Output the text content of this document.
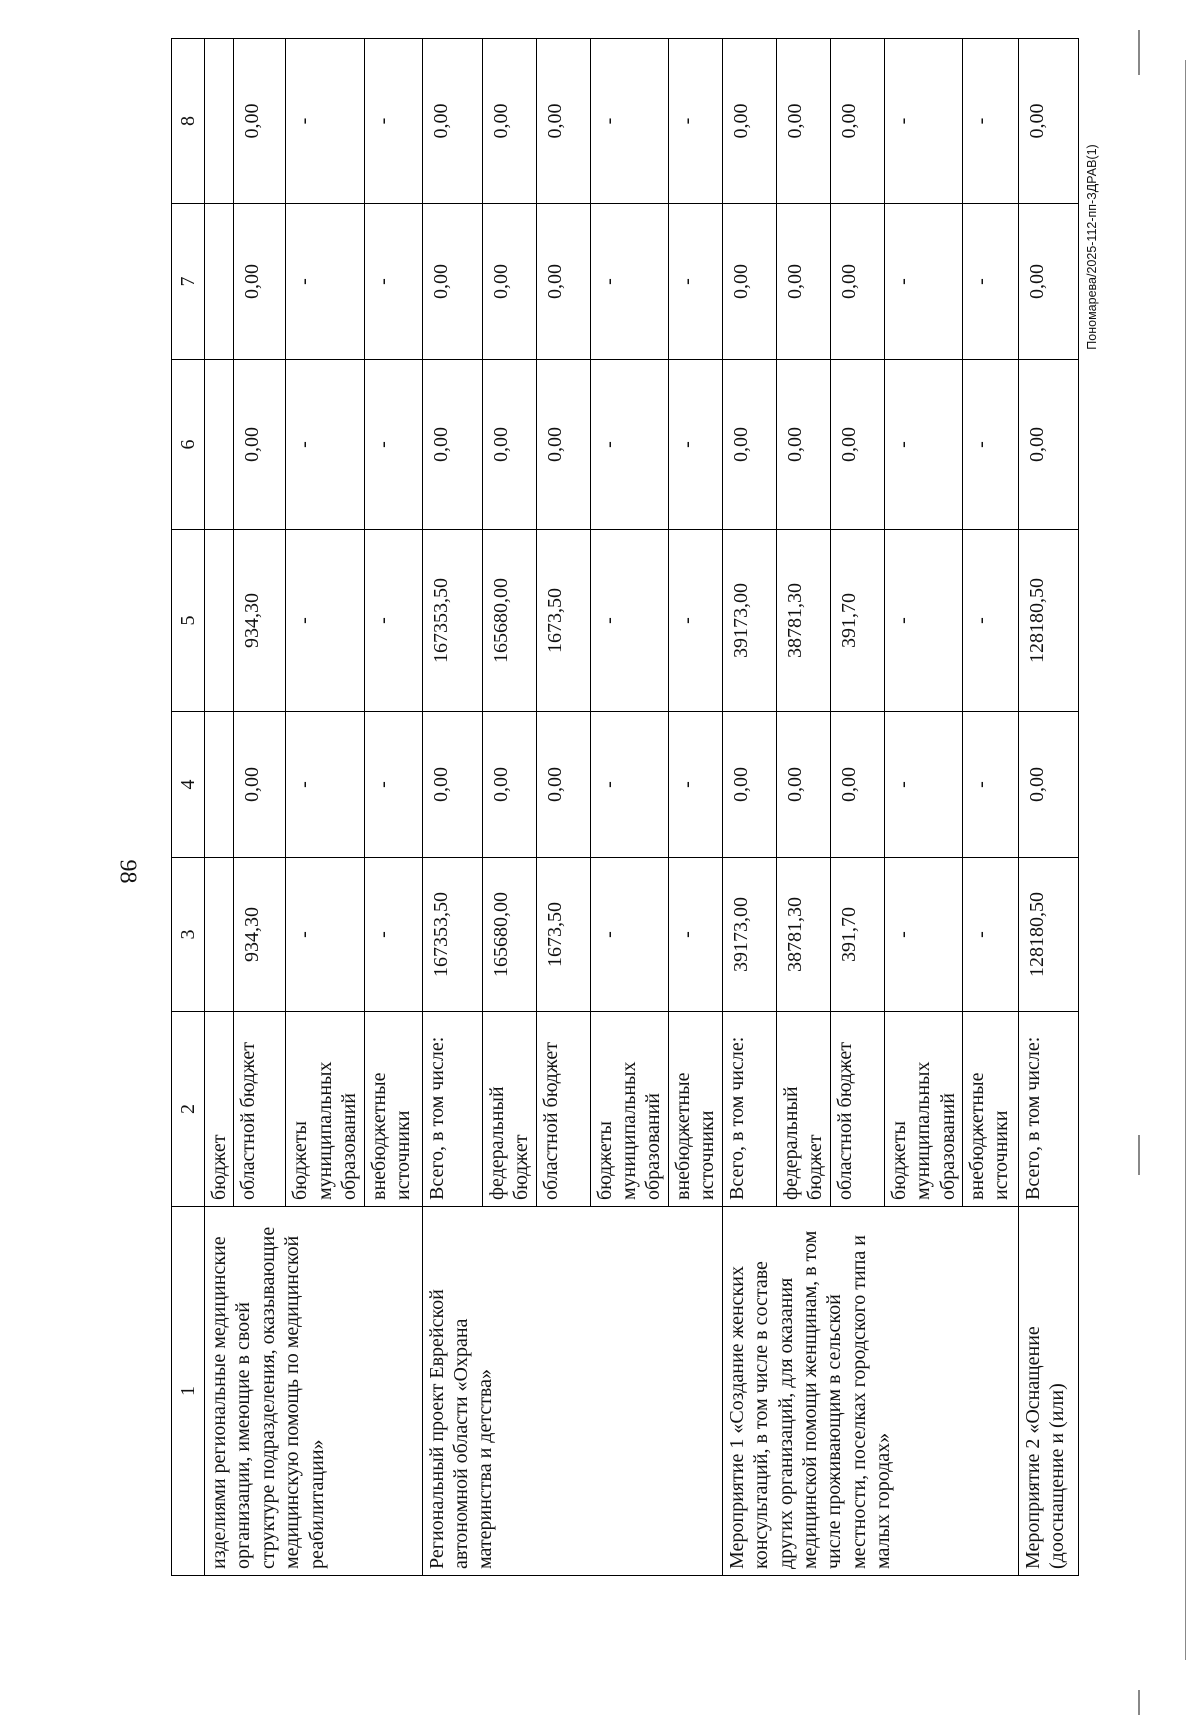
98
1	2	3	4	5	6	7	8
изделиями региональные медицинские организации, имеющие в своей структуре подразделения, оказывающие медицинскую помощь по медицинской реабилитации»	бюджет						
	областной бюджет	934,30	0,00	934,30	0,00	0,00	0,00
	бюджеты муниципальных образований	-	-	-	-	-	-
	внебюджетные источники	-	-	-	-	-	-
Региональный проект Еврейской автономной области «Охрана материнства и детства»	Всего, в том числе:	167353,50	0,00	167353,50	0,00	0,00	0,00
	федеральный бюджет	165680,00	0,00	165680,00	0,00	0,00	0,00
	областной бюджет	1673,50	0,00	1673,50	0,00	0,00	0,00
	бюджеты муниципальных образований	-	-	-	-	-	-
	внебюджетные источники	-	-	-	-	-	-
Мероприятие 1 «Создание женских консультаций, в том числе в составе других организаций, для оказания медицинской помощи женщинам, в том числе проживающим в сельской местности, поселках городского типа и малых городах»	Всего, в том числе:	39173,00	0,00	39173,00	0,00	0,00	0,00
	федеральный бюджет	38781,30	0,00	38781,30	0,00	0,00	0,00
	областной бюджет	391,70	0,00	391,70	0,00	0,00	0,00
	бюджеты муниципальных образований	-	-	-	-	-	-
	внебюджетные источники	-	-	-	-	-	-
Мероприятие 2 «Оснащение (дооснащение и (или)	Всего, в том числе:	128180,50	0,00	128180,50	0,00	0,00	0,00
Пономарева/2025-112-пп-ЗДРАВ(1)
